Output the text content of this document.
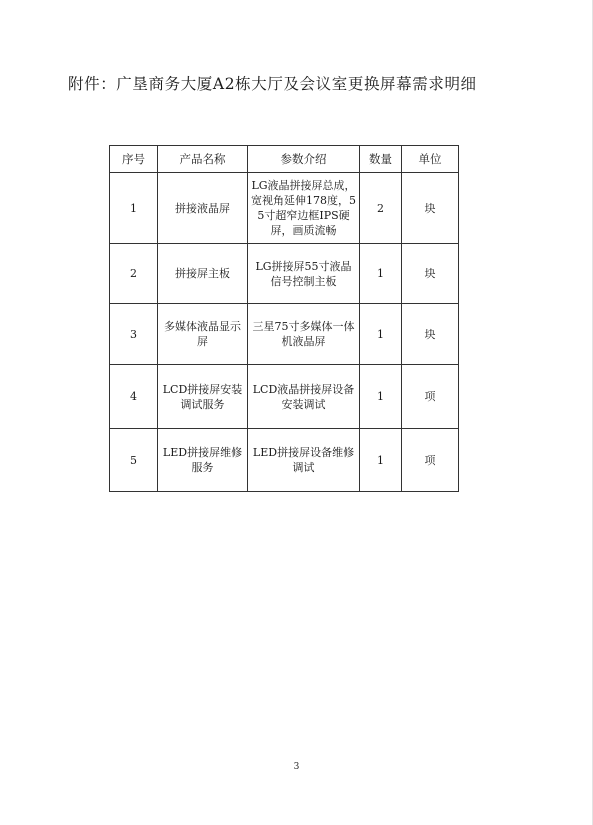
附件：广垦商务大厦A2栋大厅及会议室更换屏幕需求明细
序号	产品名称	参数介绍	数量	单位
1	拼接液晶屏	LG液晶拼接屏总成，宽视角延伸178度，55寸超窄边框IPS硬屏，画质流畅	2	块
2	拼接屏主板	LG拼接屏55寸液晶信号控制主板	1	块
3	多媒体液晶显示屏	三星75寸多媒体一体机液晶屏	1	块
4	LCD拼接屏安装调试服务	LCD液晶拼接屏设备安装调试	1	项
5	LED拼接屏维修服务	LED拼接屏设备维修调试	1	项
3
